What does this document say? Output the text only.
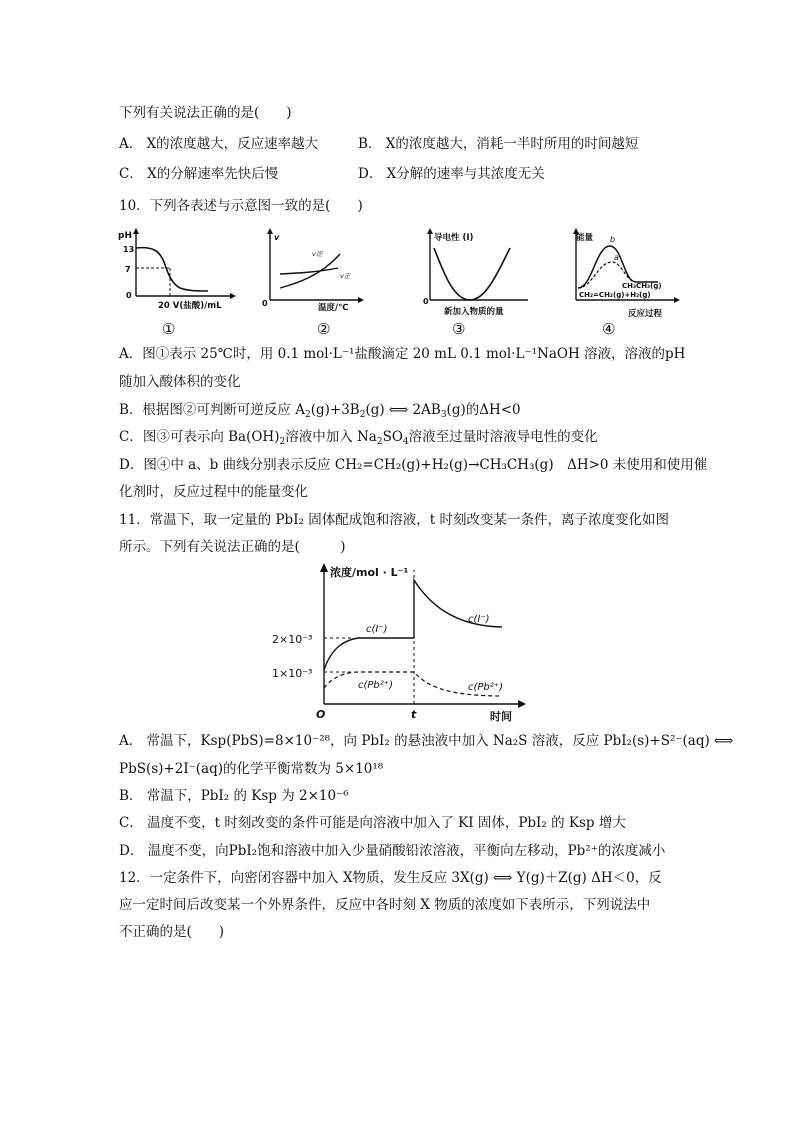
下列有关说法正确的是(　　)
A． X的浓度越大，反应速率越大	B． X的浓度越大，消耗一半时所用的时间越短
C． X的分解速率先快后慢	D． X分解的速率与其浓度无关
10．下列各表述与示意图一致的是(　　)
pH
13
7
0
20 V(盐酸)/mL
①
v
0
v逆
v正
温度/℃
②
导电性 (I)
0
新加入物质的量
③
能量 b
a
CH₃CH₃(g)
CH₂=CH₂(g)+H₂(g)
反应过程
④
A．图①表示 25℃时，用 0.1 mol·L⁻¹盐酸滴定 20 mL 0.1 mol·L⁻¹NaOH 溶液，溶液的pH
随加入酸体积的变化
B．根据图②可判断可逆反应 $A_2(g)+3B_2(g)$ ⟺ $2AB_3(g)$的ΔH<0
C．图③可表示向 $Ba(OH)_2$溶液中加入 $Na_2SO_4$溶液至过量时溶液导电性的变化
D．图④中 a、b 曲线分别表示反应 CH₂=CH₂(g)+H₂(g)→CH₃CH₃(g)　ΔH>0 未使用和使用催
化剂时，反应过程中的能量变化
11．常温下，取一定量的 PbI₂ 固体配成饱和溶液，t 时刻改变某一条件，离子浓度变化如图
所示。下列有关说法正确的是(　　　)
浓度/mol · L⁻¹
2×10⁻³
1×10⁻³
O	t	时间
c(I⁻)
c(I⁻)
c(Pb²⁺)	c(Pb²⁺)
A． 常温下，Ksp(PbS)=8×10⁻²⁸，向 PbI₂ 的悬浊液中加入 Na₂S 溶液，反应 PbI₂(s)+S²⁻(aq) ⟺
PbS(s)+2I⁻(aq)的化学平衡常数为 5×10¹⁸
B． 常温下，PbI₂ 的 Ksp 为 2×10⁻⁶
C． 温度不变，t 时刻改变的条件可能是向溶液中加入了 KI 固体，PbI₂ 的 Ksp 增大
D． 温度不变，向PbI₂饱和溶液中加入少量硝酸铅浓溶液，平衡向左移动，Pb²⁺的浓度减小
12．一定条件下，向密闭容器中加入 X物质，发生反应 3X(g) ⟺ Y(g)＋Z(g) ΔH＜0，反
应一定时间后改变某一个外界条件，反应中各时刻 X 物质的浓度如下表所示，下列说法中
不正确的是(　　)
